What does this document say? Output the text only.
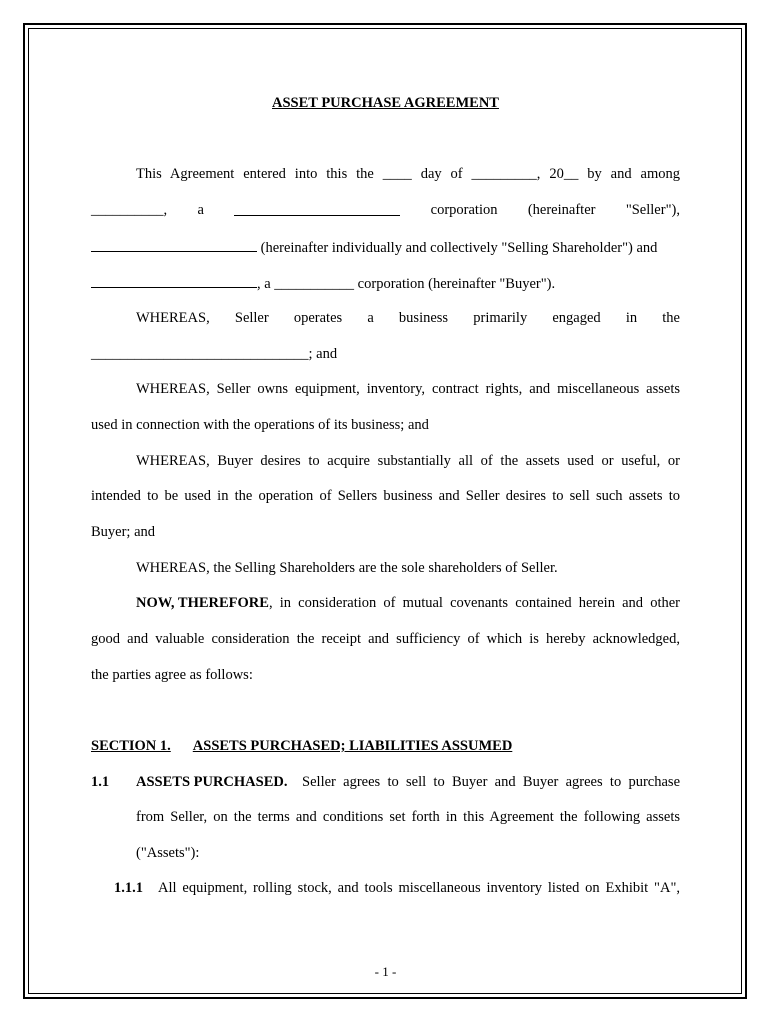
ASSET PURCHASE AGREEMENT
This Agreement entered into this the ____ day of _________, 20__ by and among
__________, a	corporation (hereinafter "Seller"),
(hereinafter individually and collectively "Selling Shareholder") and
, a ___________ corporation (hereinafter "Buyer").
WHEREAS, Seller operates a business primarily engaged in the
______________________________; and
WHEREAS, Seller owns equipment, inventory, contract rights, and miscellaneous assets
used in connection with the operations of its business; and
WHEREAS, Buyer desires to acquire substantially all of the assets used or useful, or
intended to be used in the operation of Sellers business and Seller desires to sell such assets to
Buyer; and
WHEREAS, the Selling Shareholders are the sole shareholders of Seller.
NOW, THEREFORE , in consideration of mutual covenants contained herein and other
good and valuable consideration the receipt and sufficiency of which is hereby acknowledged,
the parties agree as follows:
SECTION 1. ASSETS PURCHASED; LIABILITIES ASSUMED
1.1 ASSETS PURCHASED. Seller agrees to sell to Buyer and Buyer agrees to purchase
from Seller, on the terms and conditions set forth in this Agreement the following assets
("Assets"):
1.1.1 All equipment, rolling stock, and tools miscellaneous inventory listed on Exhibit "A",
- 1 -
